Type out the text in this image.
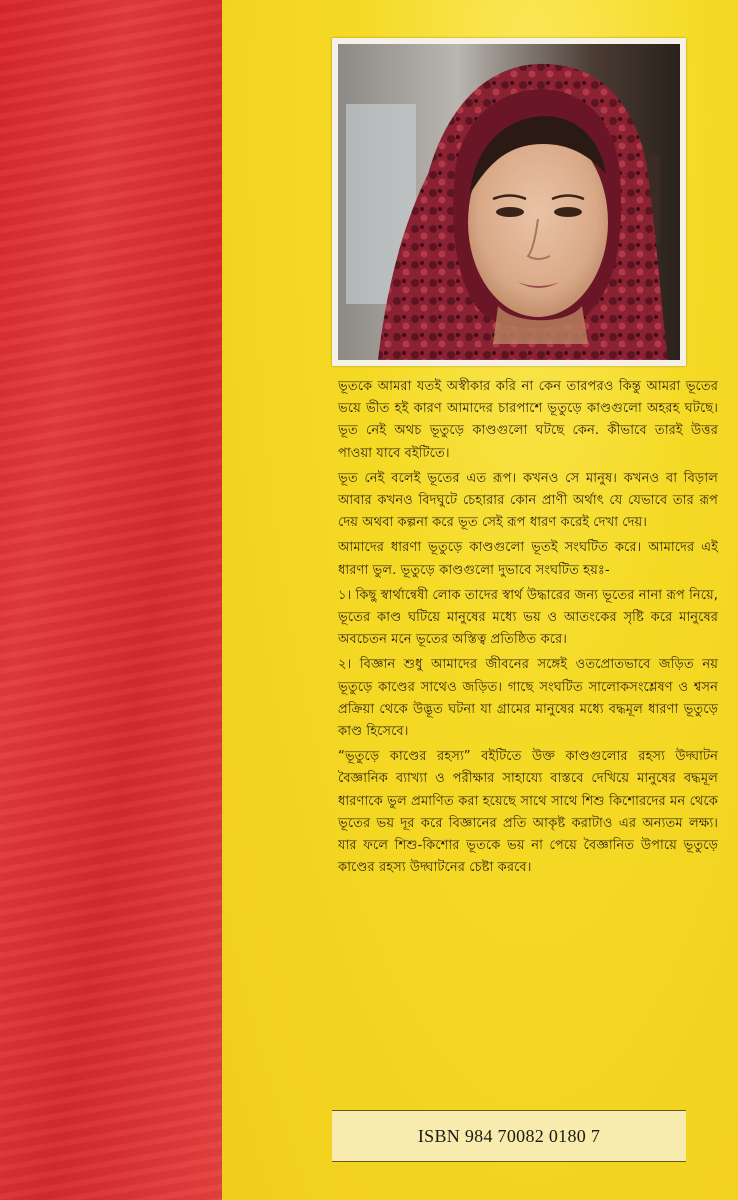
ভূতকে আমরা যতই অস্বীকার করি না কেন তারপরও কিন্তু আমরা ভূতের ভয়ে ভীত হই কারণ আমাদের চারপাশে ভূতুড়ে কাণ্ডগুলো অহরহ ঘটছে। ভূত নেই অথচ ভূতুড়ে কাণ্ডগুলো ঘটছে কেন. কীভাবে তারই উত্তর পাওয়া যাবে বইটিতে।

ভূত নেই বলেই ভূতের এত রূপ। কখনও সে মানুষ। কখনও বা বিড়াল আবার কখনও বিদঘুটে চেহারার কোন প্রাণী অর্থাৎ যে যেভাবে তার রূপ দেয় অথবা কল্পনা করে ভূত সেই রূপ ধারণ করেই দেখা দেয়।

আমাদের ধারণা ভূতুড়ে কাণ্ডগুলো ভূতই সংঘটিত করে। আমাদের এই ধারণা ভুল. ভূতুড়ে কাণ্ডগুলো দুভাবে সংঘটিত হয়ঃ-

১। কিছু স্বার্থান্বেষী লোক তাদের স্বার্থ উদ্ধারের জন্য ভূতের নানা রূপ নিয়ে, ভূতের কাণ্ড ঘটিয়ে মানুষের মধ্যে ভয় ও আতংকের সৃষ্টি করে মানুষের অবচেতন মনে ভূতের অস্তিত্ব প্রতিষ্ঠিত করে।

২। বিজ্ঞান শুধু আমাদের জীবনের সঙ্গেই ওতপ্রোতভাবে জড়িত নয় ভূতুড়ে কাণ্ডের সাথেও জড়িত। গাছে সংঘটিত সালোকসংশ্লেষণ ও শ্বসন প্রক্রিয়া থেকে উদ্ভূত ঘটনা যা গ্রামের মানুষের মধ্যে বদ্ধমূল ধারণা ভূতুড়ে কাণ্ড হিসেবে।

“ভূতুড়ে কাণ্ডের রহস্য” বইটিতে উক্ত কাণ্ডগুলোর রহস্য উদ্ঘাটন বৈজ্ঞানিক ব্যাখ্যা ও পরীক্ষার সাহায্যে বাস্তবে দেখিয়ে মানুষের বদ্ধমূল ধারণাকে ভুল প্রমাণিত করা হয়েছে সাথে সাথে শিশু কিশোরদের মন থেকে ভূতের ভয় দূর করে বিজ্ঞানের প্রতি আকৃষ্ট করাটাও এর অন্যতম লক্ষ্য। যার ফলে শিশু-কিশোর ভূতকে ভয় না পেয়ে বৈজ্ঞানিত উপায়ে ভূতুড়ে কাণ্ডের রহস্য উদ্ঘাটনের চেষ্টা করবে।

ISBN 984 70082 0180 7
